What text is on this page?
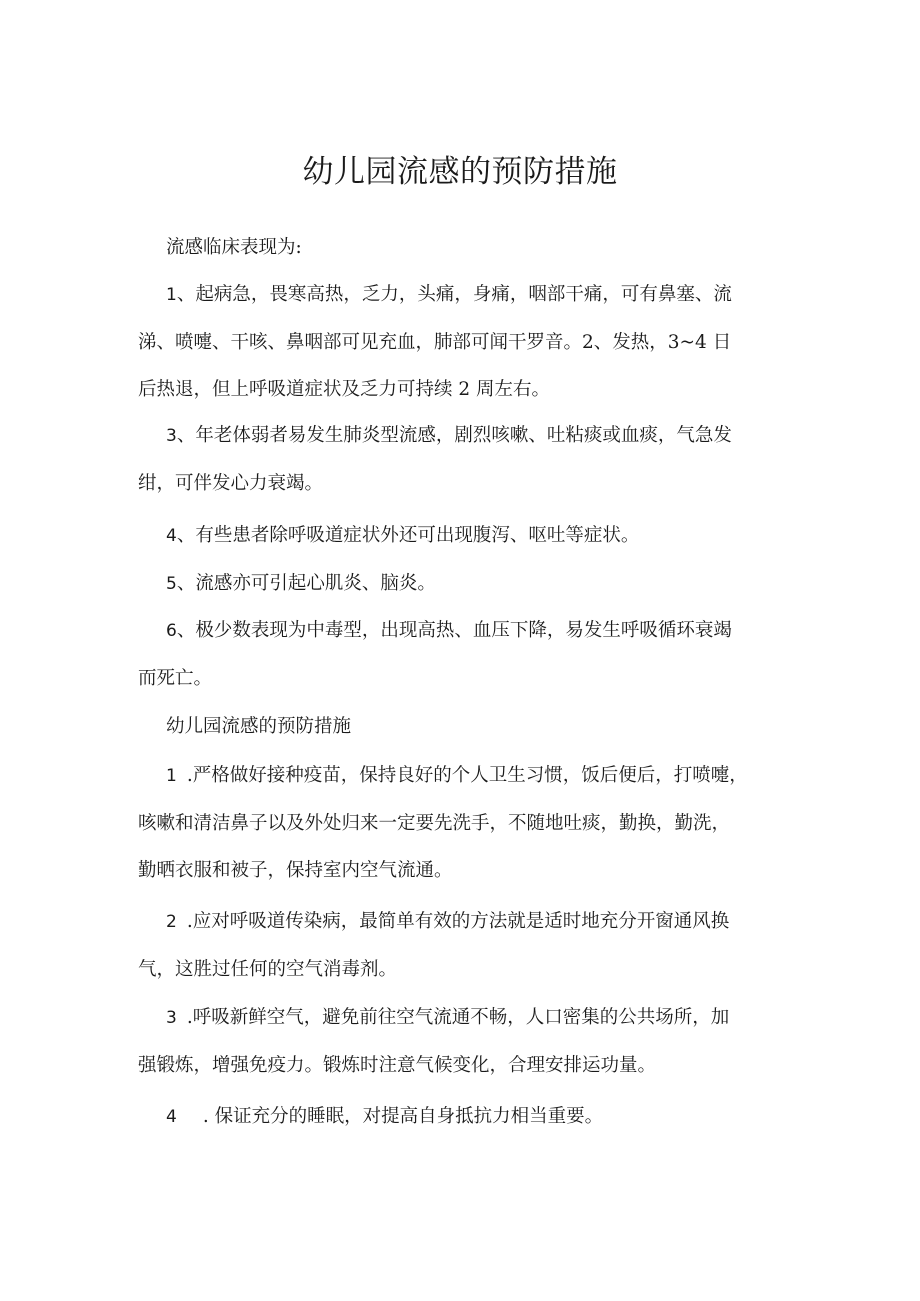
幼儿园流感的预防措施
流感临床表现为:
1、起病急，畏寒高热，乏力，头痛，身痛，咽部干痛，可有鼻塞、流
涕、喷嚏、干咳、鼻咽部可见充血，肺部可闻干罗音。2、发热，3~4 日
后热退，但上呼吸道症状及乏力可持续 2 周左右。
3、年老体弱者易发生肺炎型流感，剧烈咳嗽、吐粘痰或血痰，气急发
绀，可伴发心力衰竭。
4、有些患者除呼吸道症状外还可出现腹泻、呕吐等症状。
5、流感亦可引起心肌炎、脑炎。
6、极少数表现为中毒型，出现高热、血压下降，易发生呼吸循环衰竭
而死亡。
幼儿园流感的预防措施
1 .严格做好接种疫苗，保持良好的个人卫生习惯，饭后便后，打喷嚏，
咳嗽和清洁鼻子以及外处归来一定要先洗手，不随地吐痰，勤换，勤洗，
勤晒衣服和被子，保持室内空气流通。
2 .应对呼吸道传染病，最简单有效的方法就是适时地充分开窗通风换
气，这胜过任何的空气消毒剂。
3 .呼吸新鲜空气，避免前往空气流通不畅，人口密集的公共场所，加
强锻炼，增强免疫力。锻炼时注意气候变化，合理安排运功量。
4 . 保证充分的睡眠，对提高自身抵抗力相当重要。
